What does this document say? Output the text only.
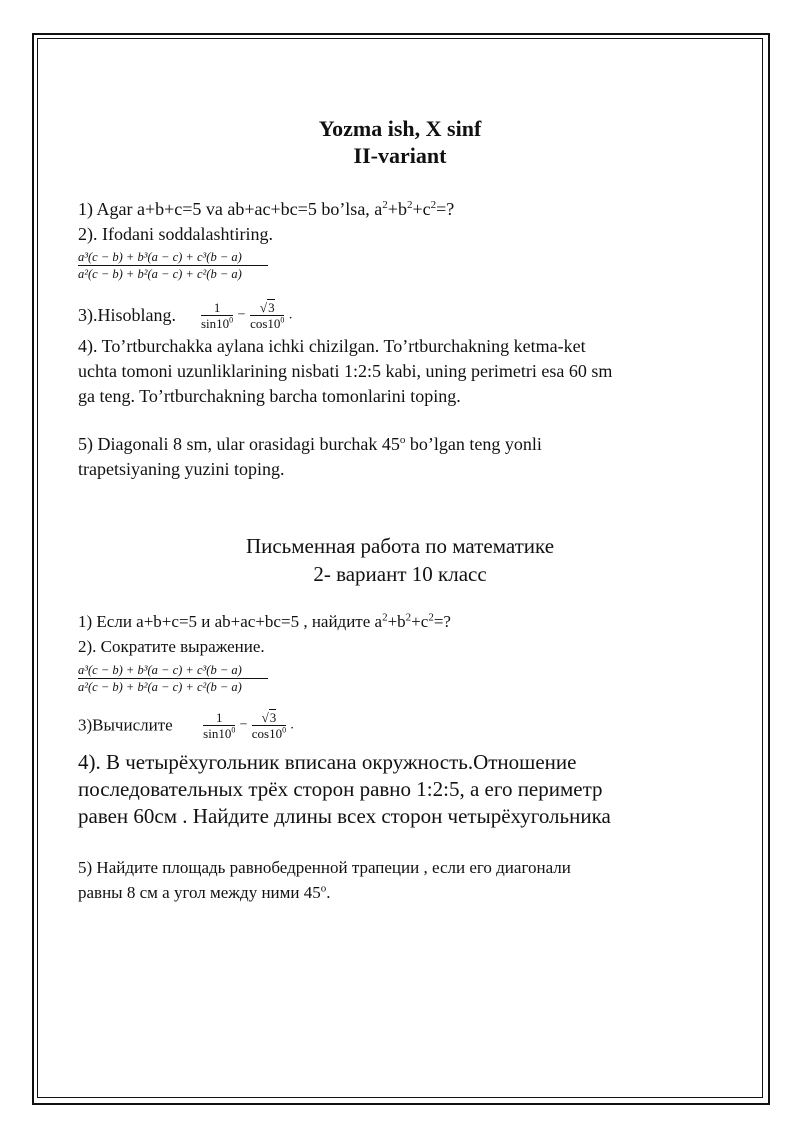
Yozma ish, X sinf
II-variant
1) Agar a+b+c=5 va ab+ac+bc=5 bo’lsa, $a^2+b^2+c^2=$?
2). Ifodani soddalashtiring.
a³(c − b) + b³(a − c) + c³(b − a)
a²(c − b) + b²(a − c) + c²(b − a)
3).Hisoblang. $\frac{1}{\sin 10^0} - \frac{√3}{\cos 10^0}$ .
4). To’rtburchakka aylana ichki chizilgan. To’rtburchakning ketma-ket
uchta tomoni uzunliklarining nisbati 1:2:5 kabi, uning perimetri esa 60 sm
ga teng. To’rtburchakning barcha tomonlarini toping.
5) Diagonali 8 sm, ular orasidagi burchak 45$^o$ bo’lgan teng yonli
trapetsiyaning yuzini toping.
Письменная работа по математике
2- вариант 10 класс
1) Если a+b+c=5 и ab+ac+bc=5 , найдите $a^2+b^2+c^2=$?
2). Сократите выражение.
a³(c − b) + b³(a − c) + c³(b − a)
a²(c − b) + b²(a − c) + c²(b − a)
3)Вычислите $\frac{1}{\sin 10^0} - \frac{√3}{\cos 10^0}$ .
4). В четырёхугольник вписана окружность.Отношение
последовательных трёх сторон равно 1:2:5, а его периметр
равен 60см . Найдите длины всех сторон четырёхугольника
5) Найдите площадь равнобедренной трапеции , если его диагонали
равны 8 см а угол между ними 45$^o$.
